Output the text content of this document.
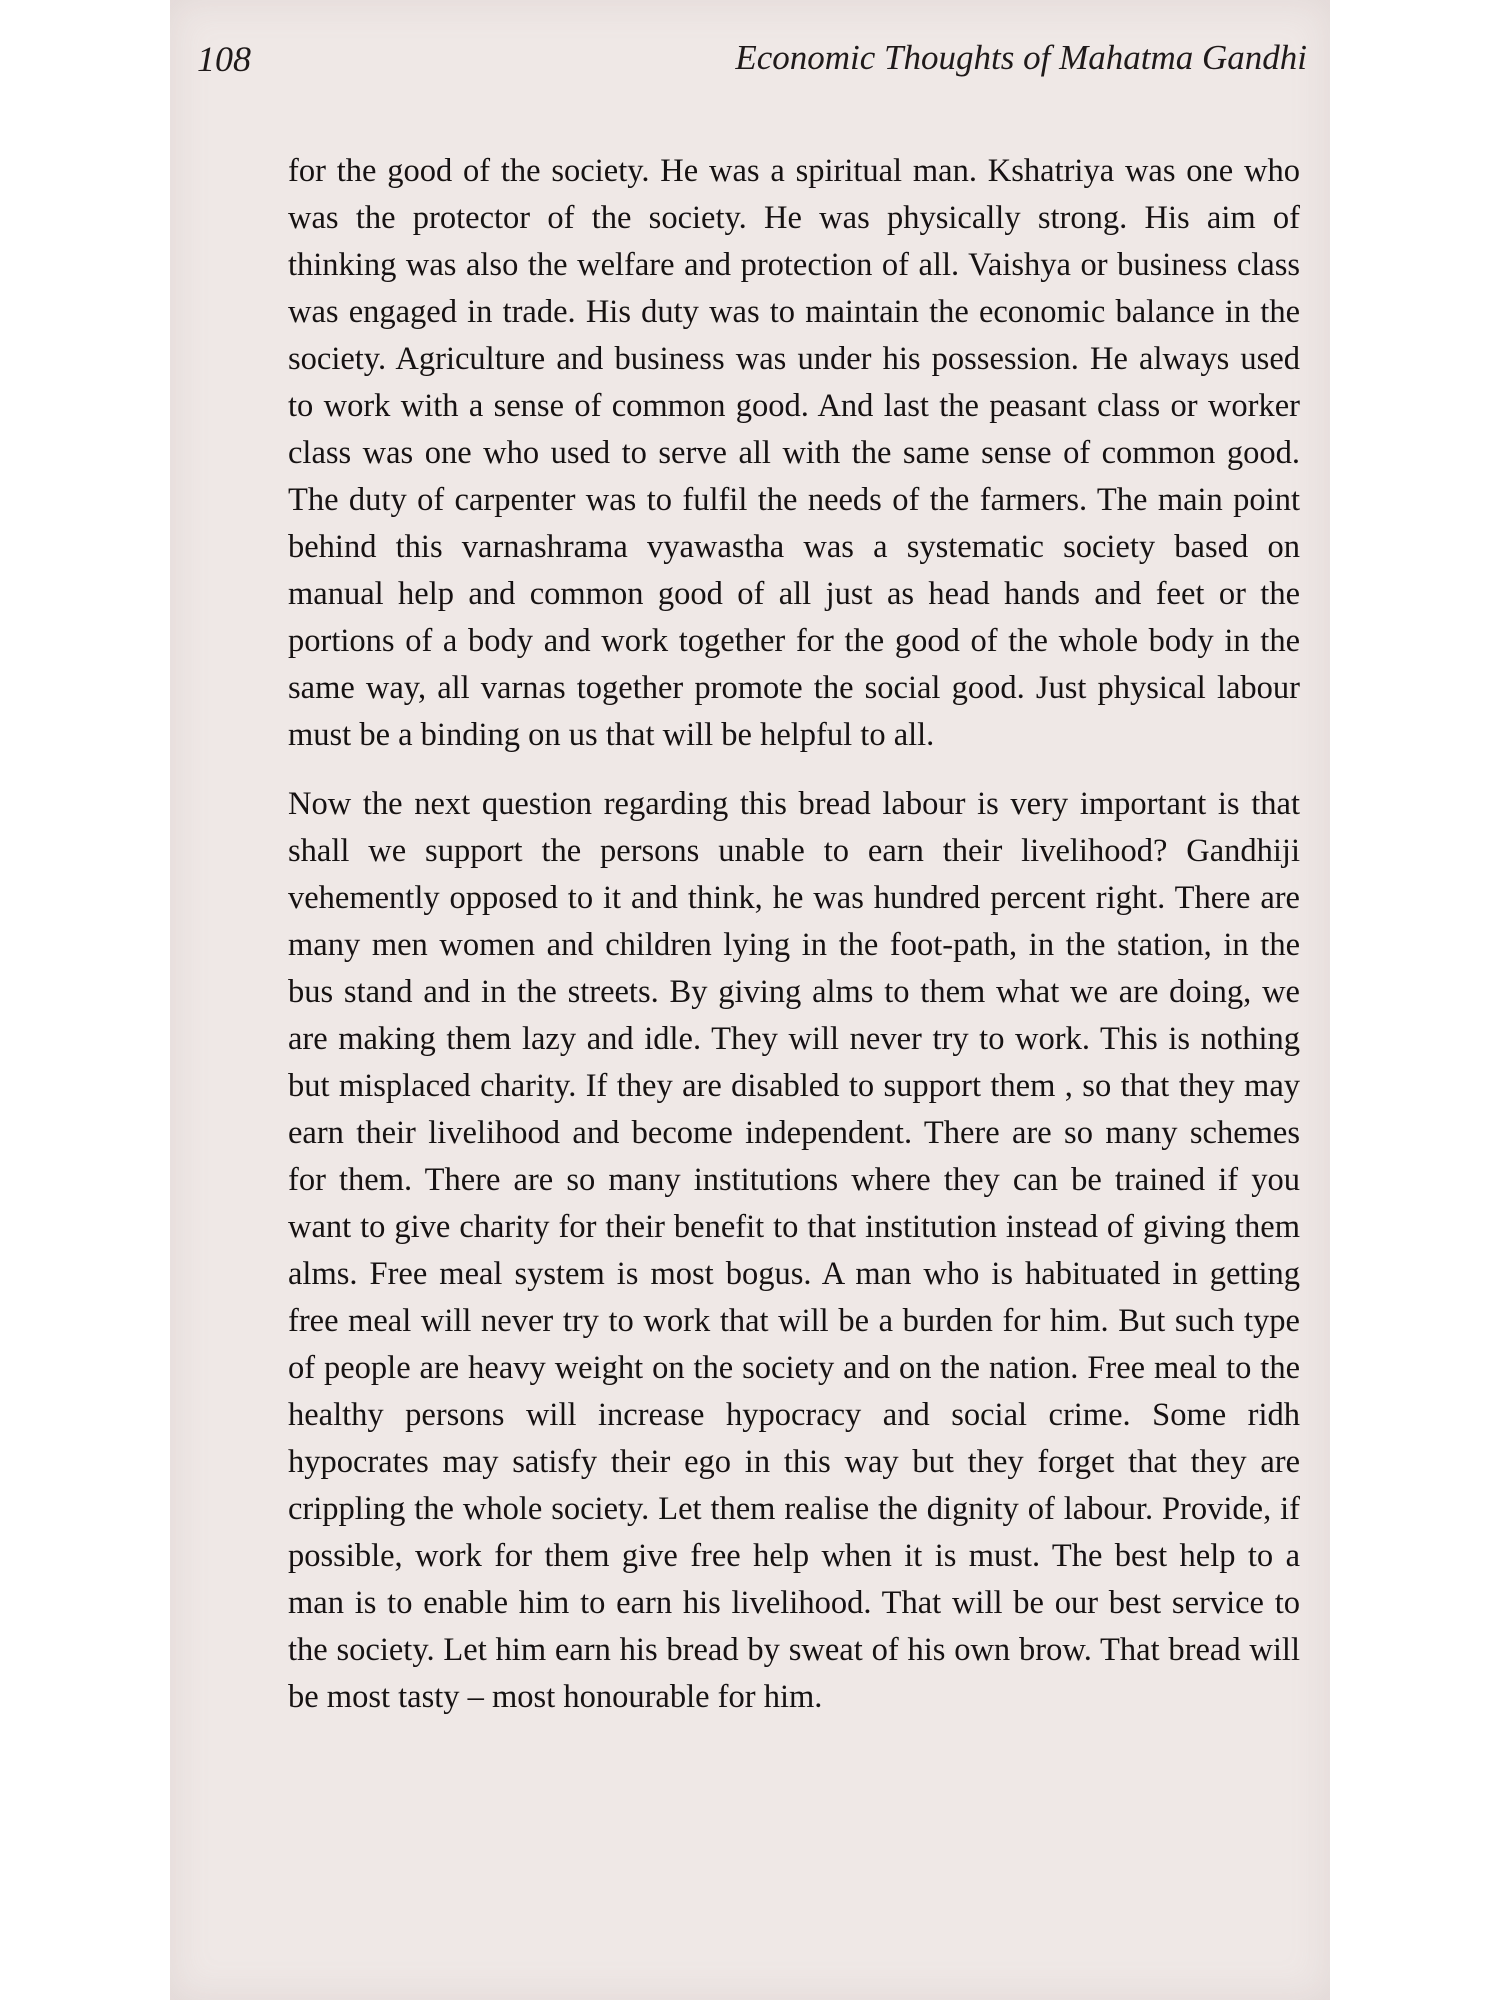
108	Economic Thoughts of Mahatma Gandhi

for the good of the society. He was a spiritual man. Kshatriya was one who was the protector of the society. He was physically strong. His aim of thinking was also the welfare and protection of all. Vaishya or business class was engaged in trade. His duty was to maintain the economic balance in the society. Agriculture and business was under his possession. He always used to work with a sense of common good. And last the peasant class or worker class was one who used to serve all with the same sense of common good. The duty of carpenter was to fulfil the needs of the farmers. The main point behind this varnashrama vyawastha was a systematic society based on manual help and common good of all just as head hands and feet or the portions of a body and work together for the good of the whole body in the same way, all varnas together promote the social good. Just physical labour must be a binding on us that will be helpful to all.

Now the next question regarding this bread labour is very important is that shall we support the persons unable to earn their livelihood? Gandhiji vehemently opposed to it and think, he was hundred percent right. There are many men women and children lying in the foot-path, in the station, in the bus stand and in the streets. By giving alms to them what we are doing, we are making them lazy and idle. They will never try to work. This is nothing but misplaced charity. If they are disabled to support them , so that they may earn their livelihood and become independent. There are so many schemes for them. There are so many institutions where they can be trained if you want to give charity for their benefit to that institution instead of giving them alms. Free meal system is most bogus. A man who is habituated in getting free meal will never try to work that will be a burden for him. But such type of people are heavy weight on the society and on the nation. Free meal to the healthy persons will increase hypocracy and social crime. Some ridh hypocrates may satisfy their ego in this way but they forget that they are crippling the whole society. Let them realise the dignity of labour. Provide, if possible, work for them give free help when it is must. The best help to a man is to enable him to earn his livelihood. That will be our best service to the society. Let him earn his bread by sweat of his own brow. That bread will be most tasty – most honourable for him.
